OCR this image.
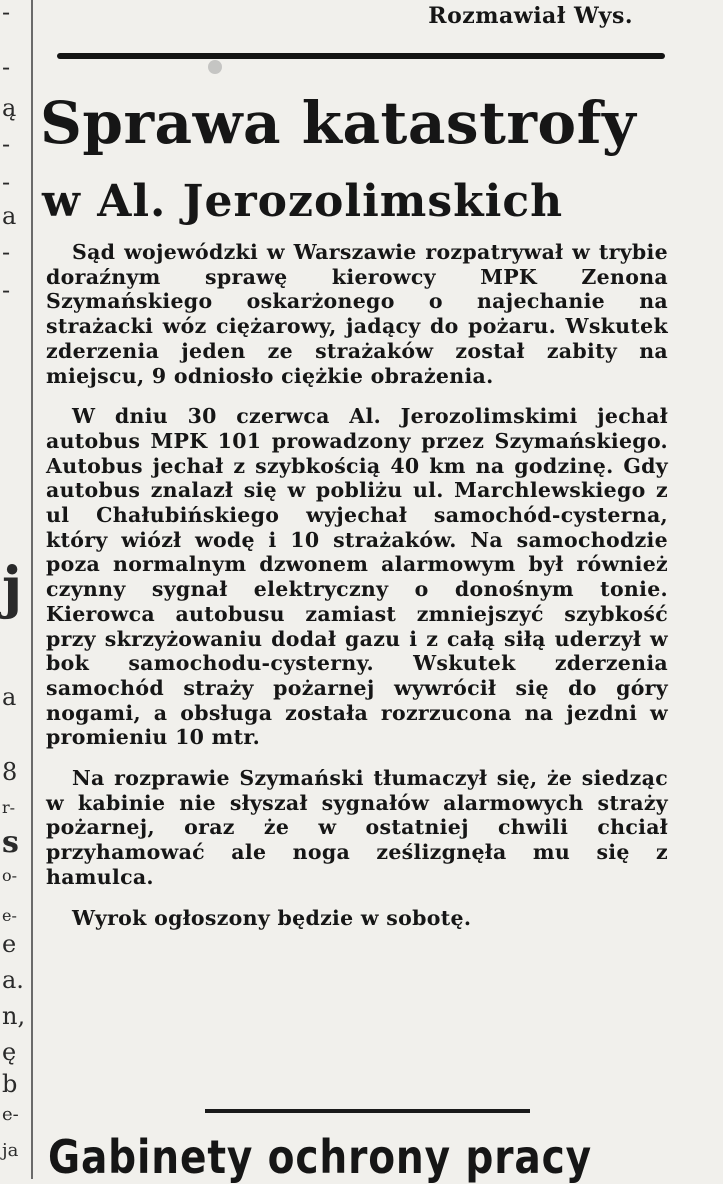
-
-
ą
-
-
a
-
-
j
a
8
r-
s
o-
e-
e
a.
n,
ę
b
e-
ja
Rozmawiał Wys.
Sprawa katastrofy
w Al. Jerozolimskich

Sąd wojewódzki w Warszawie rozpatrywał w trybie doraźnym sprawę kierowcy MPK Zenona Szymańskiego oskarżonego o najechanie na strażacki wóz ciężarowy, jadący do pożaru. Wskutek zderzenia jeden ze strażaków został zabity na miejscu, 9 odniosło ciężkie obrażenia.

W dniu 30 czerwca Al. Jerozolimskimi jechał autobus MPK 101 prowadzony przez Szymańskiego. Autobus jechał z szybkością 40 km na godzinę. Gdy autobus znalazł się w pobliżu ul. Marchlewskiego z ul Chałubińskiego wyjechał samochód-cysterna, który wiózł wodę i 10 strażaków. Na samochodzie poza normalnym dzwonem alarmowym był również czynny sygnał elektryczny o donośnym tonie. Kierowca autobusu zamiast zmniejszyć szybkość przy skrzyżowaniu dodał gazu i z całą siłą uderzył w bok samochodu-cysterny. Wskutek zderzenia samochód straży pożarnej wywrócił się do góry nogami, a obsługa została rozrzucona na jezdni w promieniu 10 mtr.

Na rozprawie Szymański tłumaczył się, że siedząc w kabinie nie słyszał sygnałów alarmowych straży pożarnej, oraz że w ostatniej chwili chciał przyhamować ale noga ześlizgnęła mu się z hamulca.

Wyrok ogłoszony będzie w sobotę.

Gabinety ochrony pracy
